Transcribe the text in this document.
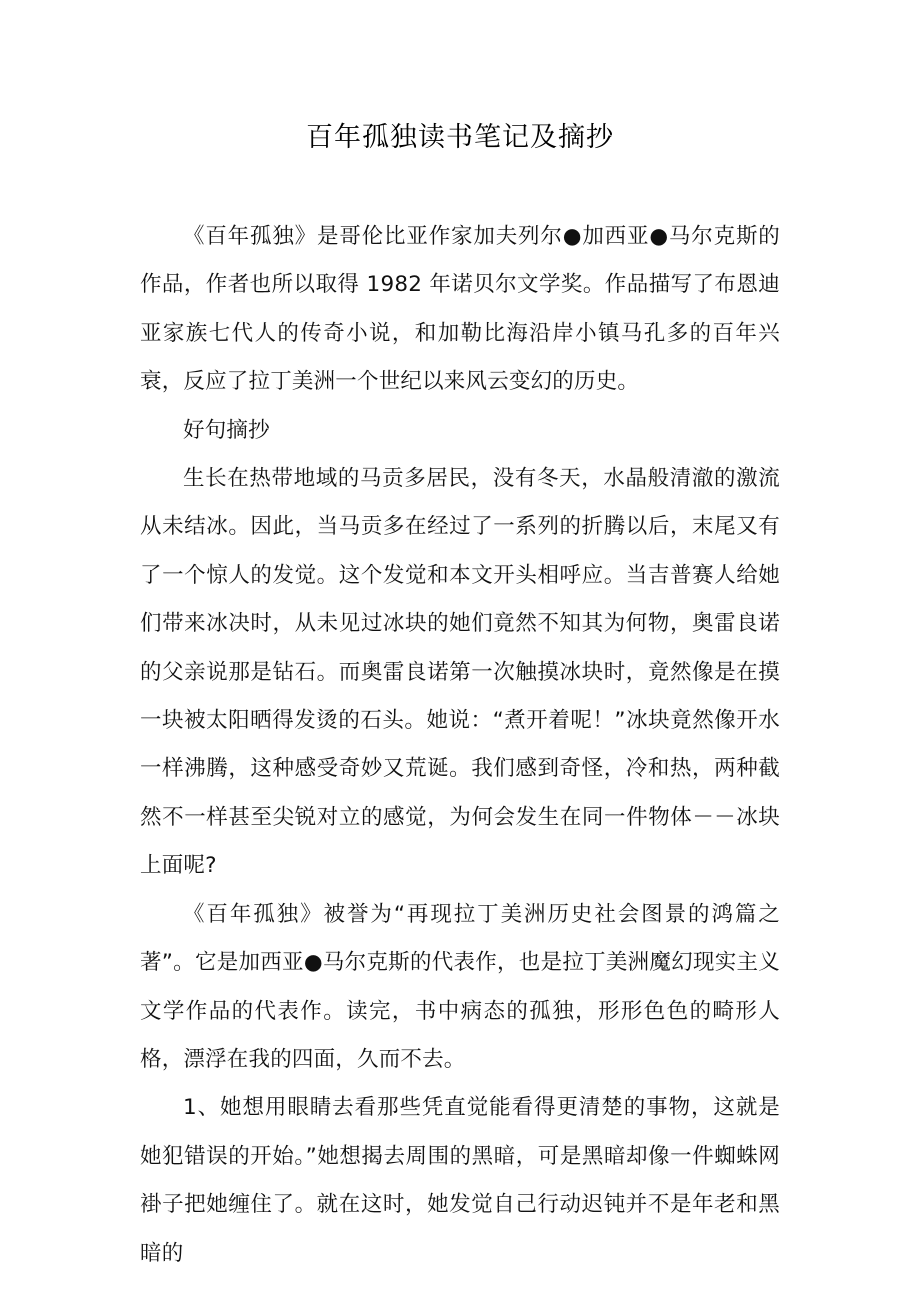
百年孤独读书笔记及摘抄

《百年孤独》是哥伦比亚作家加夫列尔●加西亚●马尔克斯的作品，作者也所以取得 1982 年诺贝尔文学奖。作品描写了布恩迪亚家族七代人的传奇小说，和加勒比海沿岸小镇马孔多的百年兴衰，反应了拉丁美洲一个世纪以来风云变幻的历史。

好句摘抄

生长在热带地域的马贡多居民，没有冬天，水晶般清澈的激流从未结冰。因此，当马贡多在经过了一系列的折腾以后，末尾又有了一个惊人的发觉。这个发觉和本文开头相呼应。当吉普赛人给她们带来冰决时，从未见过冰块的她们竟然不知其为何物，奥雷良诺的父亲说那是钻石。而奥雷良诺第一次触摸冰块时，竟然像是在摸一块被太阳晒得发烫的石头。她说：“煮开着呢！”冰块竟然像开水一样沸腾，这种感受奇妙又荒诞。我们感到奇怪，冷和热，两种截然不一样甚至尖锐对立的感觉，为何会发生在同一件物体－－冰块上面呢?

《百年孤独》被誉为“再现拉丁美洲历史社会图景的鸿篇之著”。它是加西亚●马尔克斯的代表作，也是拉丁美洲魔幻现实主义文学作品的代表作。读完，书中病态的孤独，形形色色的畸形人格，漂浮在我的四面，久而不去。

1、她想用眼睛去看那些凭直觉能看得更清楚的事物，这就是她犯错误的开始。”她想揭去周围的黑暗，可是黑暗却像一件蜘蛛网褂子把她缠住了。就在这时，她发觉自己行动迟钝并不是年老和黑暗的
